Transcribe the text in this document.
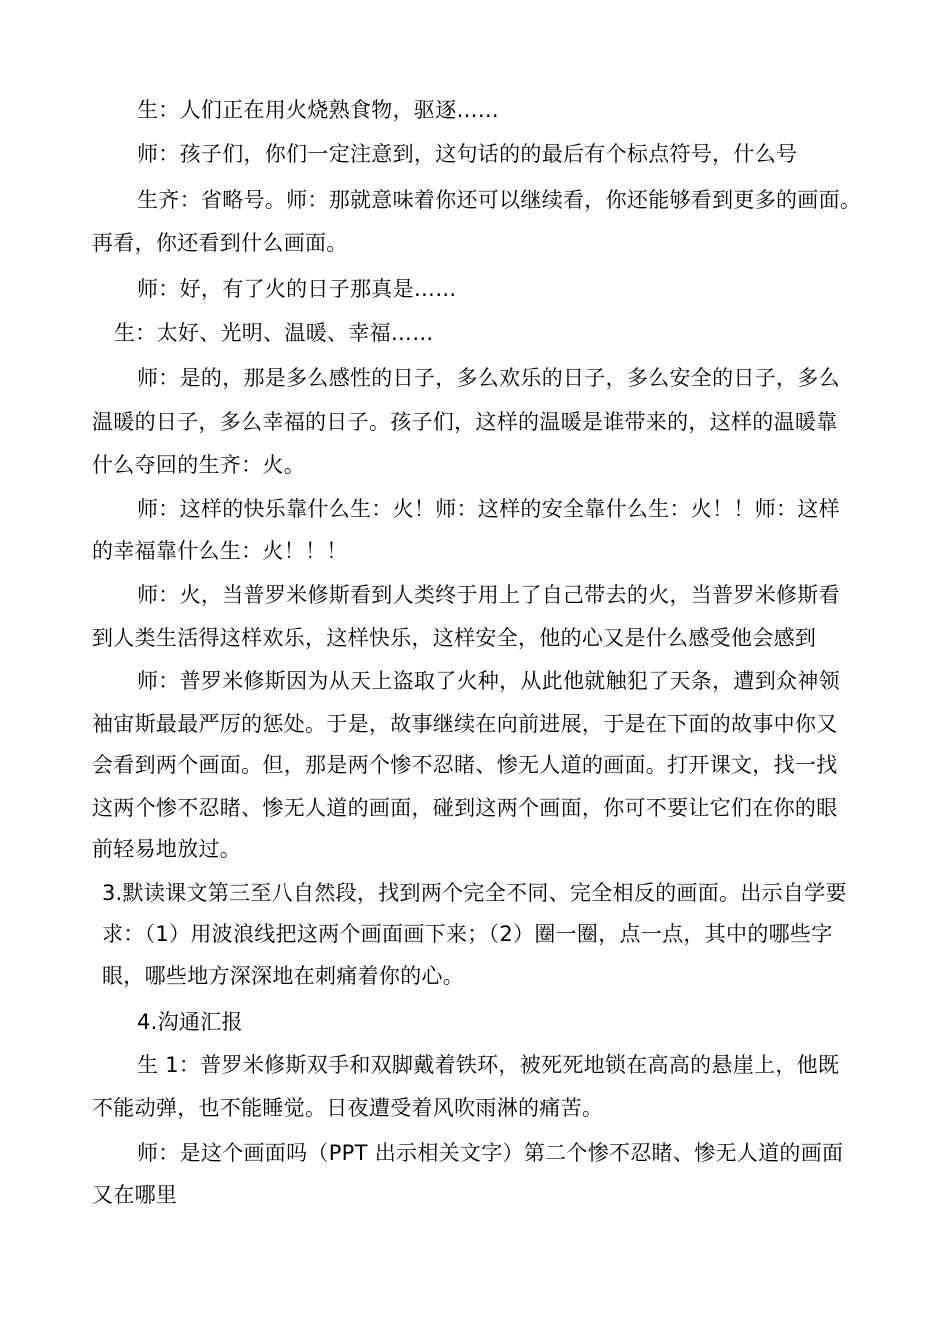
生：人们正在用火烧熟食物，驱逐……
师：孩子们，你们一定注意到，这句话的的最后有个标点符号，什么号
生齐：省略号。师：那就意味着你还可以继续看，你还能够看到更多的画面。
再看，你还看到什么画面。
师：好，有了火的日子那真是……
生：太好、光明、温暖、幸福……
师：是的，那是多么感性的日子，多么欢乐的日子，多么安全的日子，多么
温暖的日子，多么幸福的日子。孩子们，这样的温暖是谁带来的，这样的温暖靠
什么夺回的生齐：火。
师：这样的快乐靠什么生：火！师：这样的安全靠什么生：火！！师：这样
的幸福靠什么生：火！！！
师：火，当普罗米修斯看到人类终于用上了自己带去的火，当普罗米修斯看
到人类生活得这样欢乐，这样快乐，这样安全，他的心又是什么感受他会感到
师：普罗米修斯因为从天上盗取了火种，从此他就触犯了天条，遭到众神领
袖宙斯最最严厉的惩处。于是，故事继续在向前进展，于是在下面的故事中你又
会看到两个画面。但，那是两个惨不忍睹、惨无人道的画面。打开课文，找一找
这两个惨不忍睹、惨无人道的画面，碰到这两个画面，你可不要让它们在你的眼
前轻易地放过。
3.默读课文第三至八自然段，找到两个完全不同、完全相反的画面。出示自学要
求：（1）用波浪线把这两个画面画下来；（2）圈一圈，点一点，其中的哪些字
眼，哪些地方深深地在刺痛着你的心。
4.沟通汇报
生 1：普罗米修斯双手和双脚戴着铁环，被死死地锁在高高的悬崖上，他既
不能动弹，也不能睡觉。日夜遭受着风吹雨淋的痛苦。
师：是这个画面吗（PPT 出示相关文字）第二个惨不忍睹、惨无人道的画面
又在哪里
